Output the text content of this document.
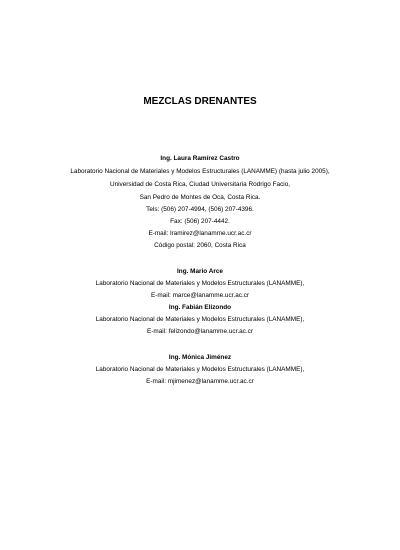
MEZCLAS DRENANTES
Ing. Laura Ramírez Castro
Laboratorio Nacional de Materiales y Modelos Estructurales (LANAMME) (hasta julio 2005),
Universidad de Costa Rica, Ciudad Universitaria Rodrigo Facio,
San Pedro de Montes de Oca, Costa Rica.
Tels: (506) 207-4994, (506) 207-4396.
Fax: (506) 207-4442.
E-mail: lramirez@lanamme.ucr.ac.cr
Código postal: 2060, Costa Rica
Ing. Mario Arce
Laboratorio Nacional de Materiales y Modelos Estructurales (LANAMME),
E-mail: marce@lanamme.ucr.ac.cr
Ing. Fabián Elizondo
Laboratorio Nacional de Materiales y Modelos Estructurales (LANAMME),
E-mail: felizondo@lanamme.ucr.ac.cr
Ing. Mónica Jiménez
Laboratorio Nacional de Materiales y Modelos Estructurales (LANAMME),
E-mail: mjimenez@lanamme.ucr.ac.cr
